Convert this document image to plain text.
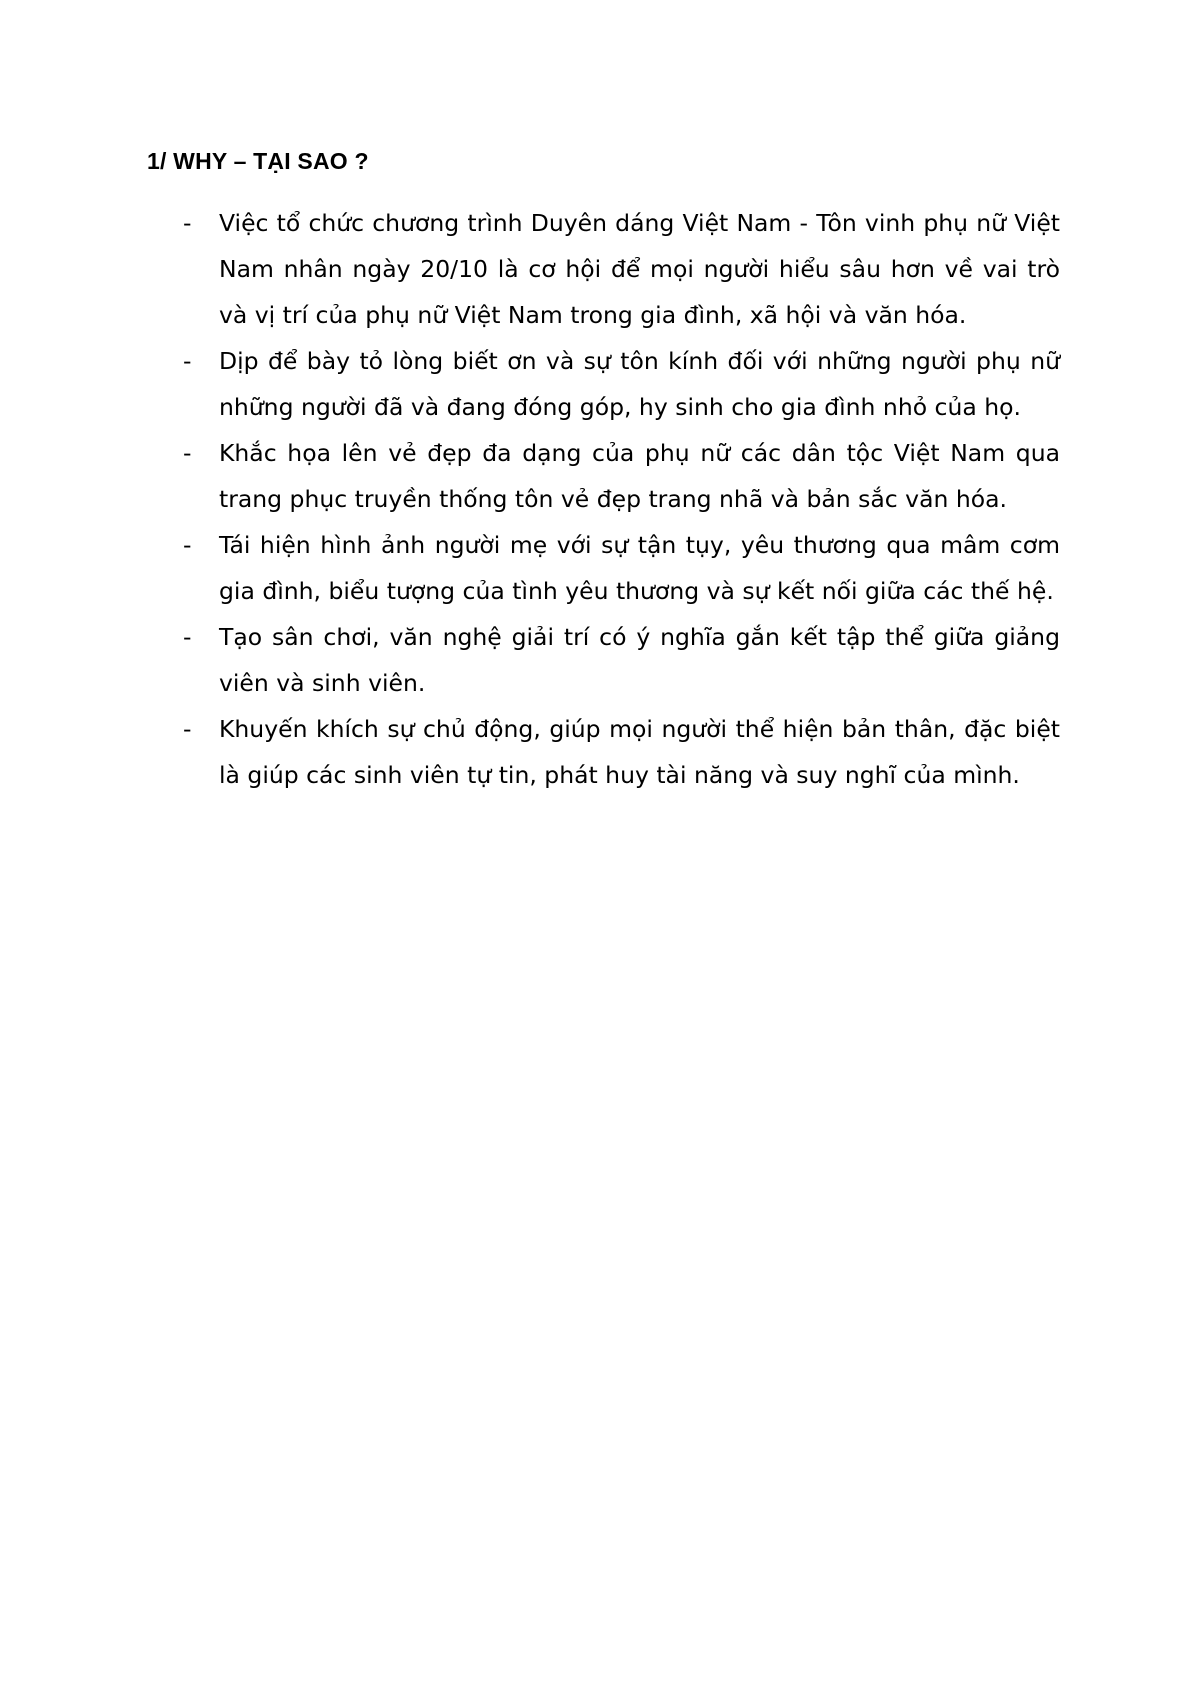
1/ WHY – TẠI SAO ?
-	Việc tổ chức chương trình Duyên dáng Việt Nam - Tôn vinh phụ nữ Việt Nam nhân ngày 20/10 là cơ hội để mọi người hiểu sâu hơn về vai trò và vị trí của phụ nữ Việt Nam trong gia đình, xã hội và văn hóa.
-	Dịp để bày tỏ lòng biết ơn và sự tôn kính đối với những người phụ nữ những người đã và đang đóng góp, hy sinh cho gia đình nhỏ của họ.
-	Khắc họa lên vẻ đẹp đa dạng của phụ nữ các dân tộc Việt Nam qua trang phục truyền thống tôn vẻ đẹp trang nhã và bản sắc văn hóa.
-	Tái hiện hình ảnh người mẹ với sự tận tụy, yêu thương qua mâm cơm gia đình, biểu tượng của tình yêu thương và sự kết nối giữa các thế hệ.
-	Tạo sân chơi, văn nghệ giải trí có ý nghĩa gắn kết tập thể giữa giảng viên và sinh viên.
-	Khuyến khích sự chủ động, giúp mọi người thể hiện bản thân, đặc biệt là giúp các sinh viên tự tin, phát huy tài năng và suy nghĩ của mình.
